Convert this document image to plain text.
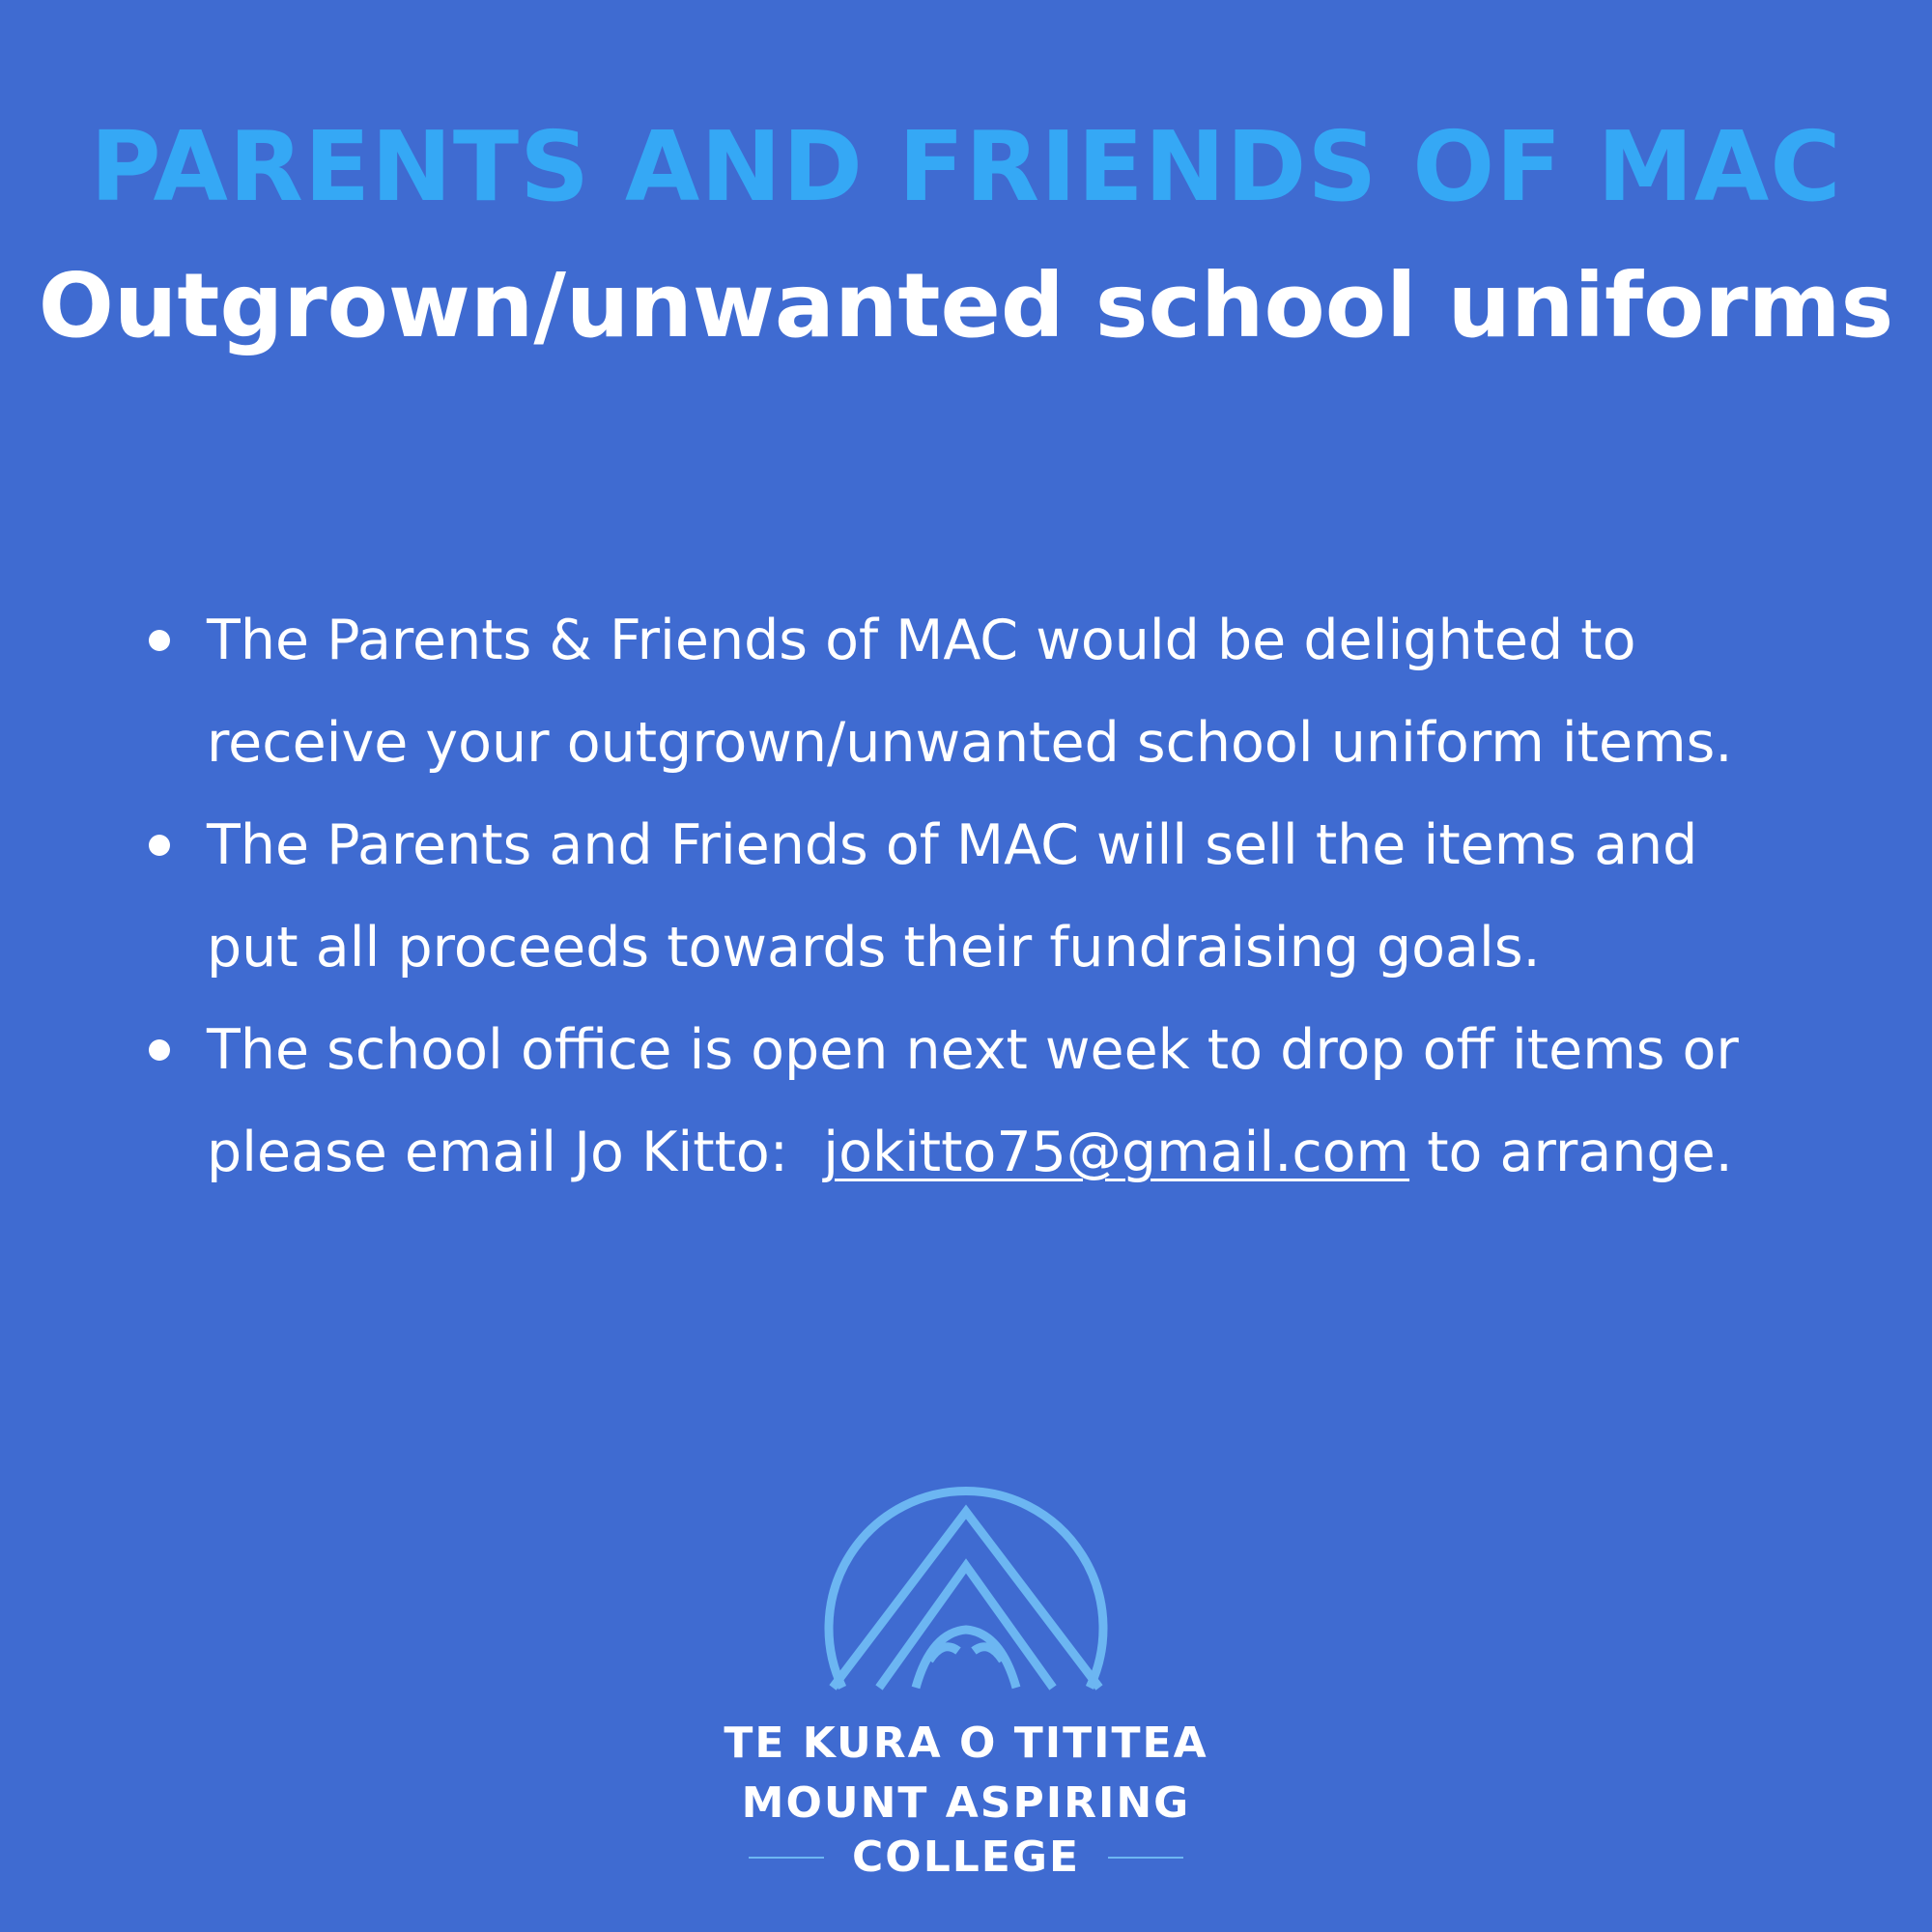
PARENTS AND FRIENDS OF MAC
Outgrown/unwanted school uniforms
The Parents & Friends of MAC would be delighted to
receive your outgrown/unwanted school uniform items.
The Parents and Friends of MAC will sell the items and
put all proceeds towards their fundraising goals.
The school office is open next week to drop off items or
please email Jo Kitto:  jokitto75@gmail.com to arrange.
TE KURA O TITITEA
MOUNT ASPIRING
COLLEGE
